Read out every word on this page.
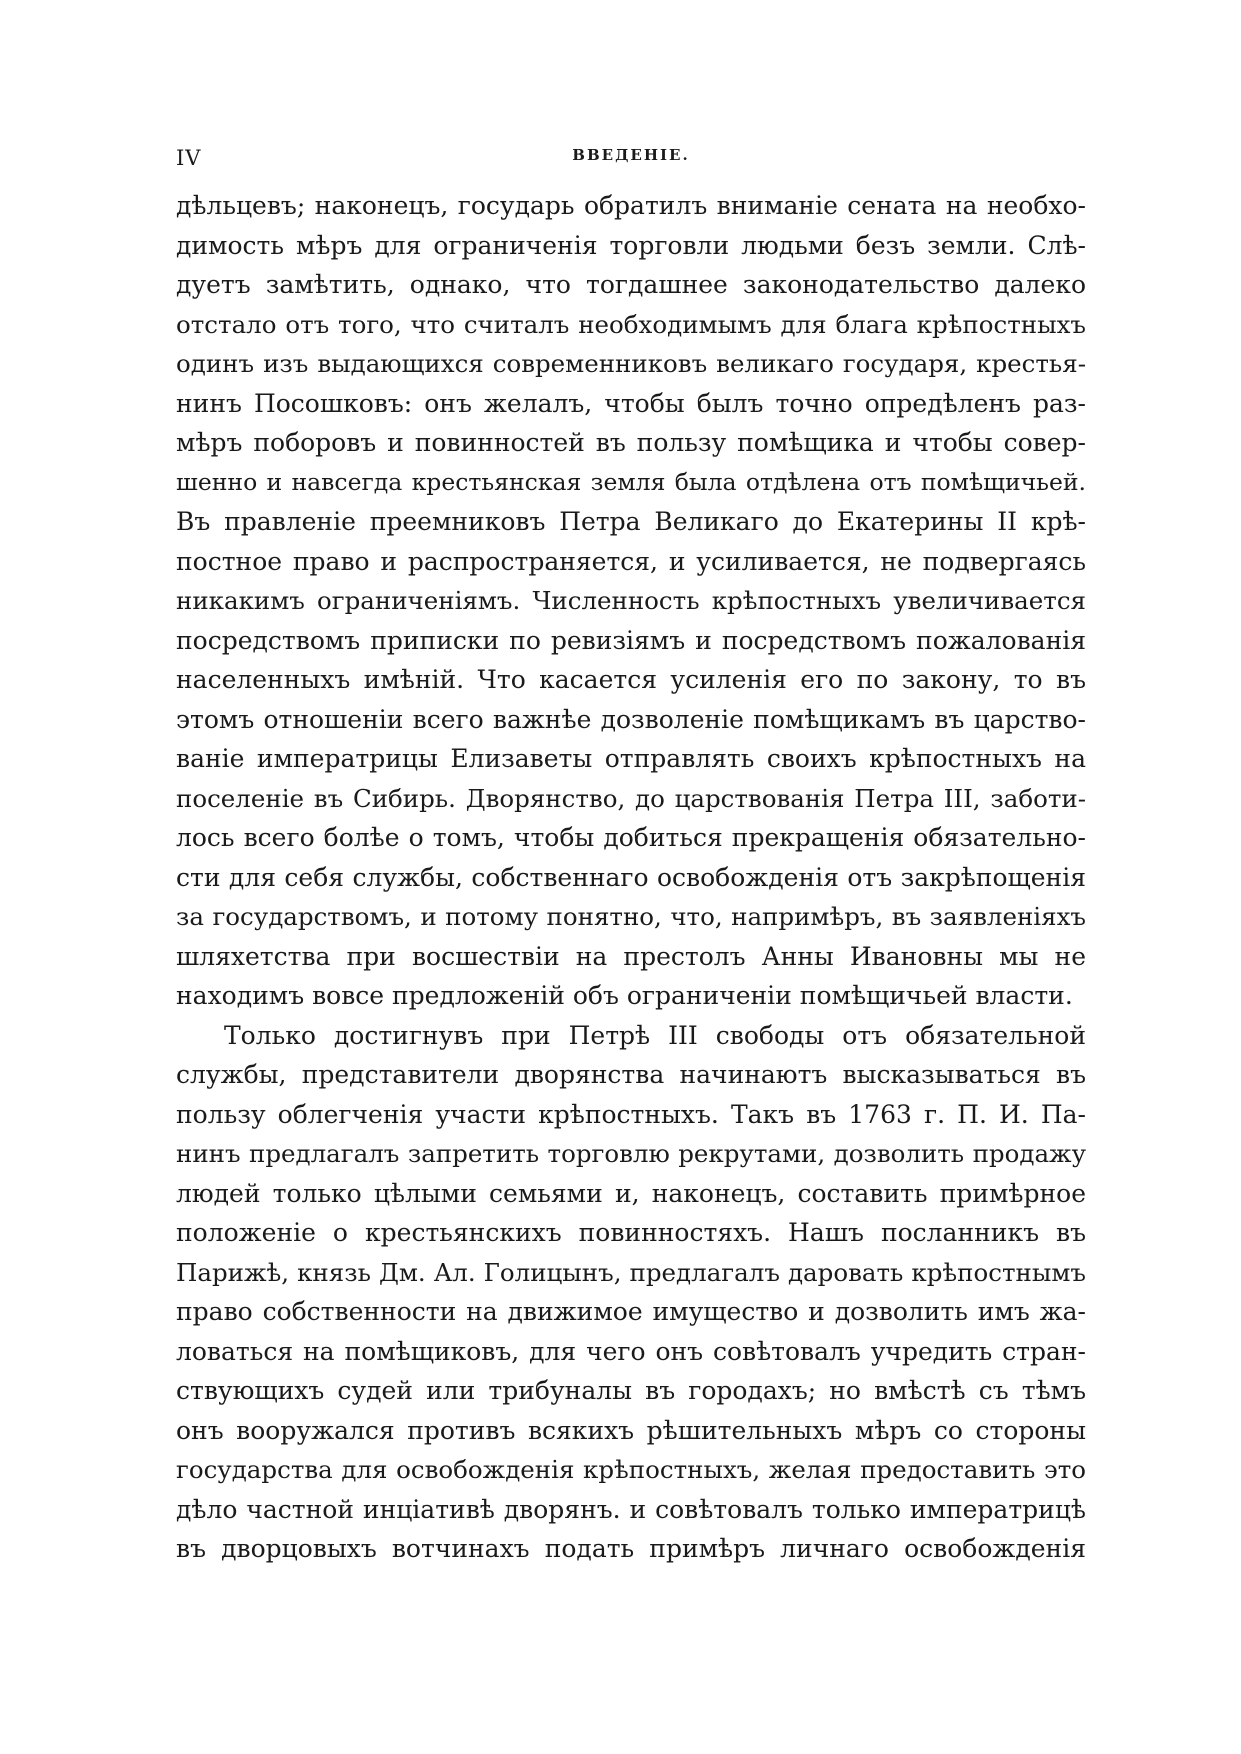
IV	ВВЕДЕНІЕ.
дѣльцевъ; наконецъ, государь обратилъ вниманіе сената на необхо-
димость мѣръ для ограниченія торговли людьми безъ земли. Слѣ-
дуетъ замѣтить, однако, что тогдашнее законодательство далеко
отстало отъ того, что считалъ необходимымъ для блага крѣпостныхъ
одинъ изъ выдающихся современниковъ великаго государя, крестья-
нинъ Посошковъ: онъ желалъ, чтобы былъ точно опредѣленъ раз-
мѣръ поборовъ и повинностей въ пользу помѣщика и чтобы совер-
шенно и навсегда крестьянская земля была отдѣлена отъ помѣщичьей.
Въ правленіе преемниковъ Петра Великаго до Екатерины II крѣ-
постное право и распространяется, и усиливается, не подвергаясь
никакимъ ограниченіямъ. Численность крѣпостныхъ увеличивается
посредствомъ приписки по ревизіямъ и посредствомъ пожалованія
населенныхъ имѣній. Что касается усиленія его по закону, то въ
этомъ отношеніи всего важнѣе дозволеніе помѣщикамъ въ царство-
ваніе императрицы Елизаветы отправлять своихъ крѣпостныхъ на
поселеніе въ Сибирь. Дворянство, до царствованія Петра III, заботи-
лось всего болѣе о томъ, чтобы добиться прекращенія обязательно-
сти для себя службы, собственнаго освобожденія отъ закрѣпощенія
за государствомъ, и потому понятно, что, напримѣръ, въ заявленіяхъ
шляхетства при восшествіи на престолъ Анны Ивановны мы не
находимъ вовсе предложеній объ ограниченіи помѣщичьей власти.
Только достигнувъ при Петрѣ III свободы отъ обязательной
службы, представители дворянства начинаютъ высказываться въ
пользу облегченія участи крѣпостныхъ. Такъ въ 1763 г. П. И. Па-
нинъ предлагалъ запретить торговлю рекрутами, дозволить продажу
людей только цѣлыми семьями и, наконецъ, составить примѣрное
положеніе о крестьянскихъ повинностяхъ. Нашъ посланникъ въ
Парижѣ, князь Дм. Ал. Голицынъ, предлагалъ даровать крѣпостнымъ
право собственности на движимое имущество и дозволить имъ жа-
ловаться на помѣщиковъ, для чего онъ совѣтовалъ учредить стран-
ствующихъ судей или трибуналы въ городахъ; но вмѣстѣ съ тѣмъ
онъ вооружался противъ всякихъ рѣшительныхъ мѣръ со стороны
государства для освобожденія крѣпостныхъ, желая предоставить это
дѣло частной инціативѣ дворянъ. и совѣтовалъ только императрицѣ
въ дворцовыхъ вотчинахъ подать примѣръ личнаго освобожденія
